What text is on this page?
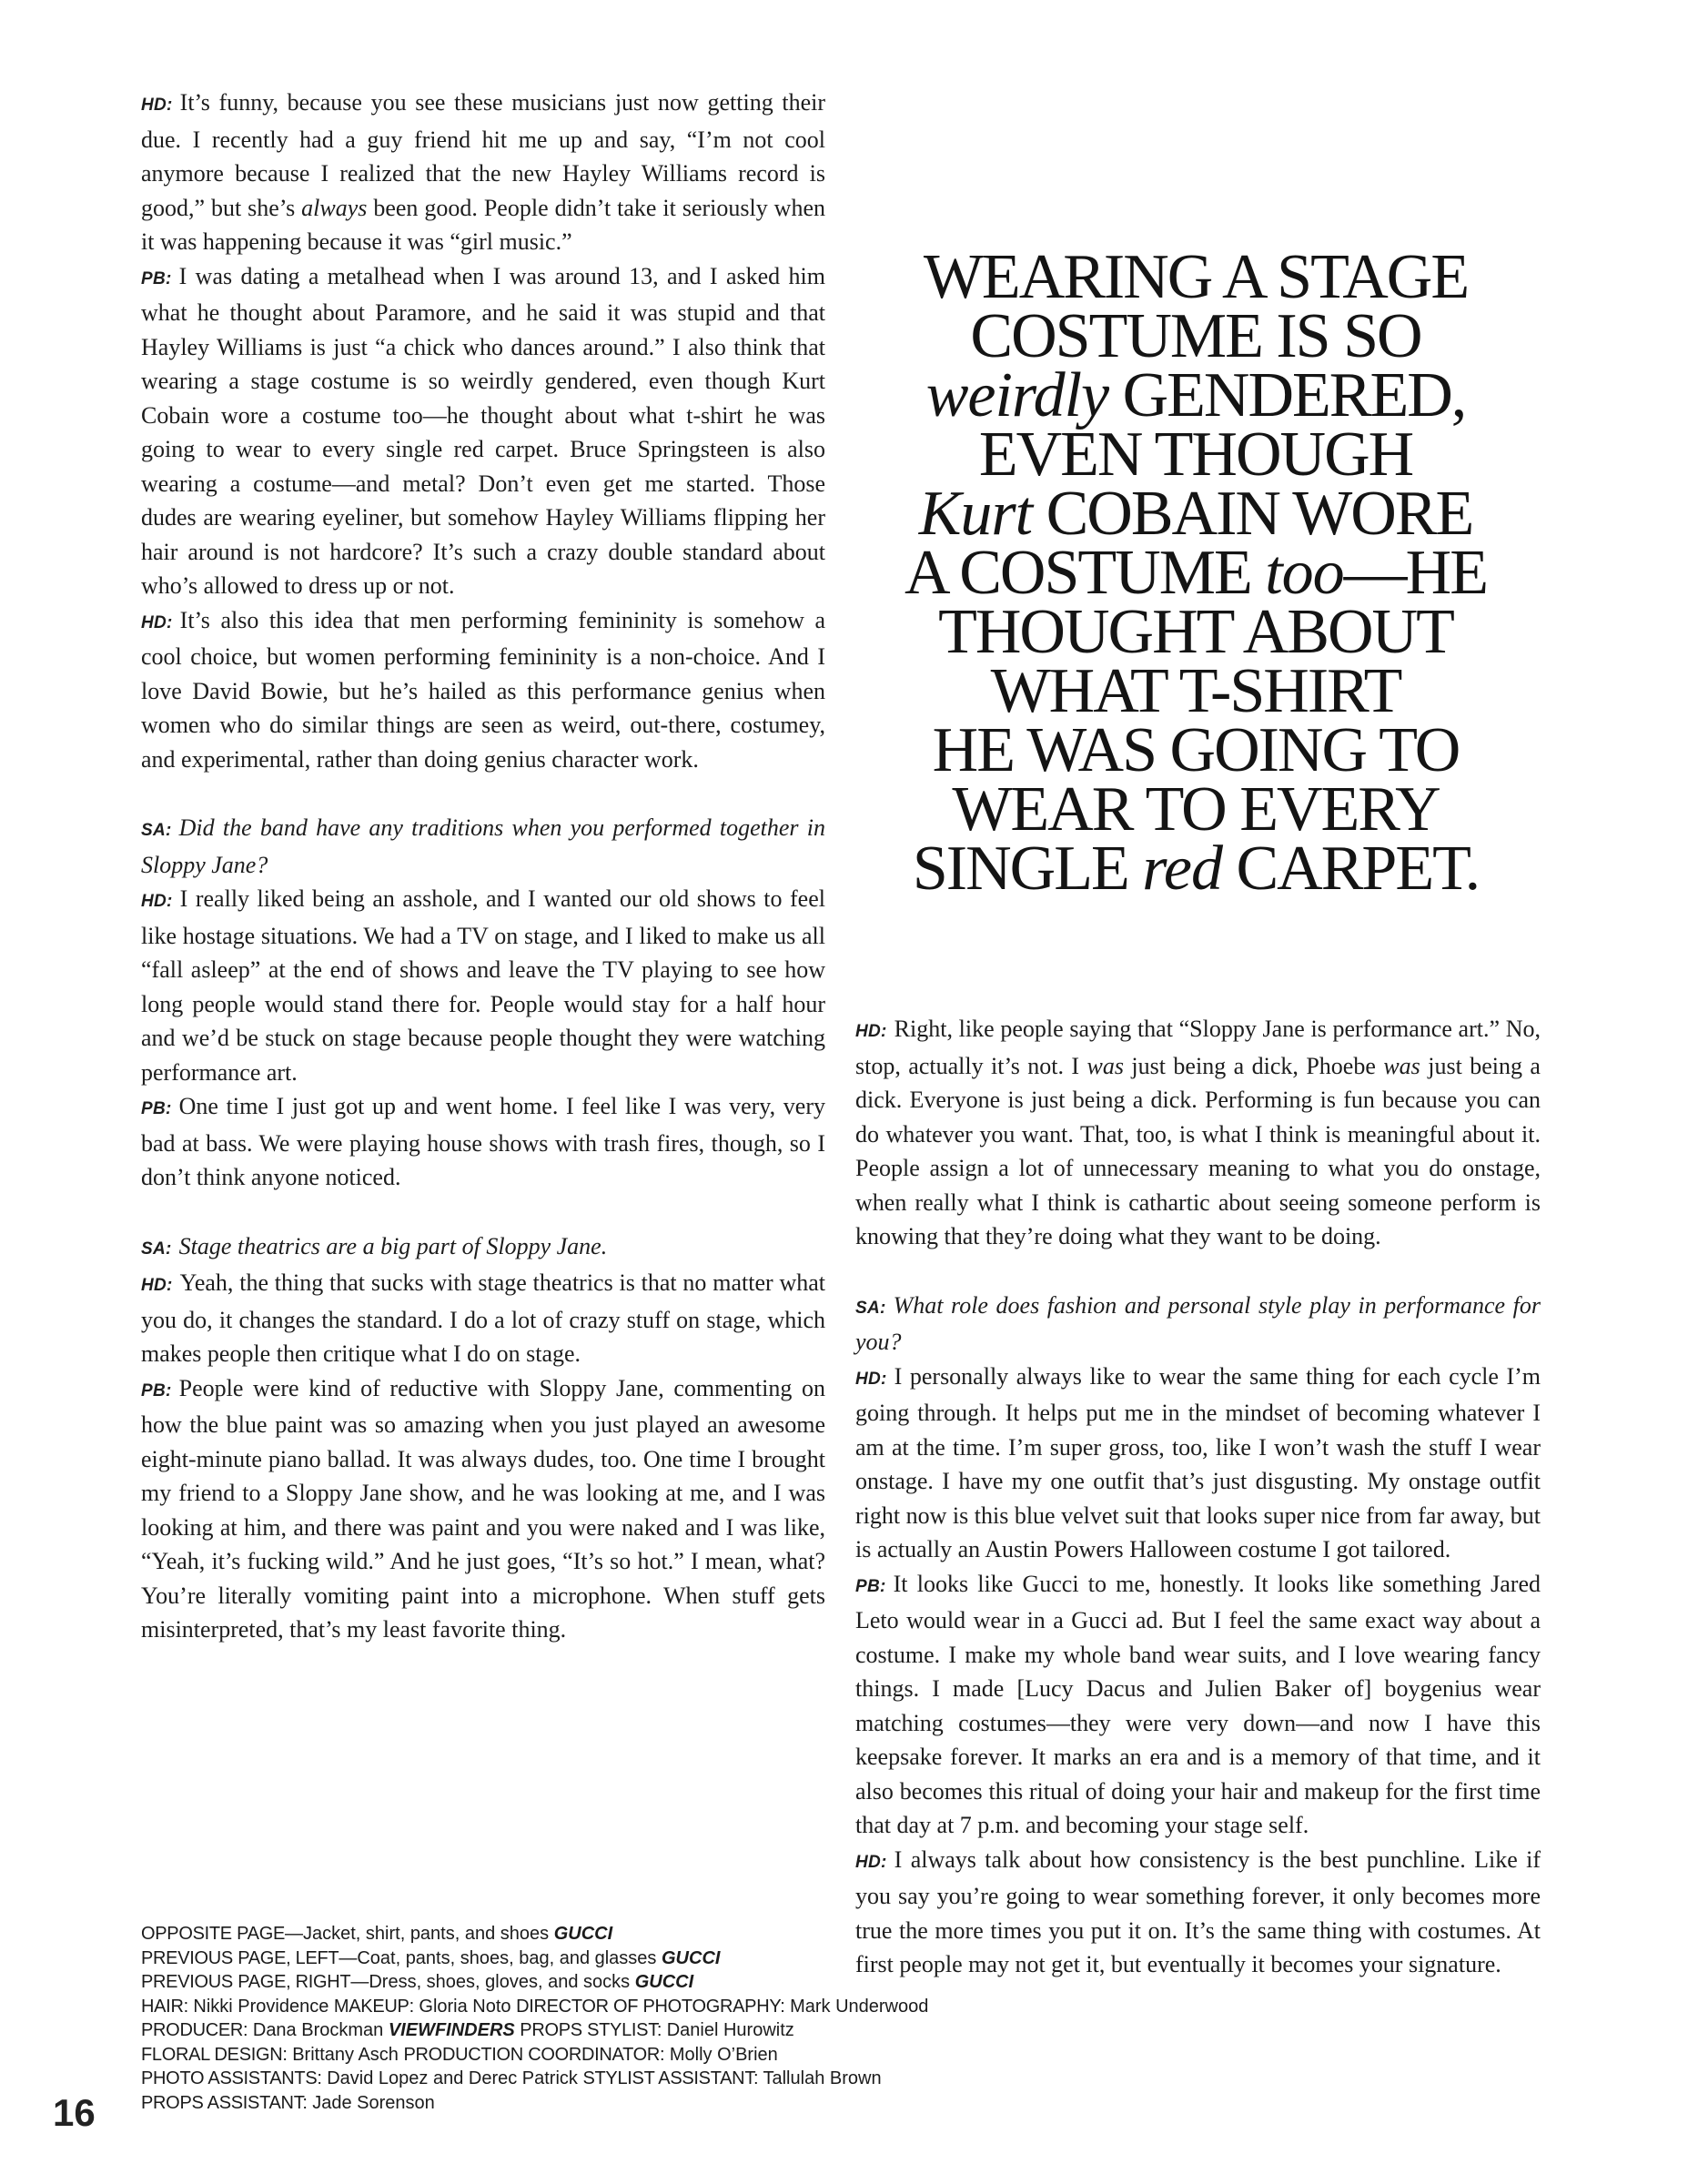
HD: It’s funny, because you see these musicians just now getting their due. I recently had a guy friend hit me up and say, “I’m not cool anymore because I realized that the new Hayley Williams record is good,” but she’s always been good. People didn’t take it seriously when it was happening because it was “girl music.”

PB: I was dating a metalhead when I was around 13, and I asked him what he thought about Paramore, and he said it was stupid and that Hayley Williams is just “a chick who dances around.” I also think that wearing a stage costume is so weirdly gendered, even though Kurt Cobain wore a costume too—he thought about what t-shirt he was going to wear to every single red carpet. Bruce Springsteen is also wearing a costume—and metal? Don’t even get me started. Those dudes are wearing eyeliner, but somehow Hayley Williams flipping her hair around is not hardcore? It’s such a crazy double standard about who’s allowed to dress up or not.

HD: It’s also this idea that men performing femininity is somehow a cool choice, but women performing femininity is a non-choice. And I love David Bowie, but he’s hailed as this performance genius when women who do similar things are seen as weird, out-there, costumey, and experimental, rather than doing genius character work.

SA: Did the band have any traditions when you performed together in Sloppy Jane?

HD: I really liked being an asshole, and I wanted our old shows to feel like hostage situations. We had a TV on stage, and I liked to make us all “fall asleep” at the end of shows and leave the TV playing to see how long people would stand there for. People would stay for a half hour and we’d be stuck on stage because people thought they were watching performance art.

PB: One time I just got up and went home. I feel like I was very, very bad at bass. We were playing house shows with trash fires, though, so I don’t think anyone noticed.

SA: Stage theatrics are a big part of Sloppy Jane.

HD: Yeah, the thing that sucks with stage theatrics is that no matter what you do, it changes the standard. I do a lot of crazy stuff on stage, which makes people then critique what I do on stage.

PB: People were kind of reductive with Sloppy Jane, commenting on how the blue paint was so amazing when you just played an awesome eight-minute piano ballad. It was always dudes, too. One time I brought my friend to a Sloppy Jane show, and he was looking at me, and I was looking at him, and there was paint and you were naked and I was like, “Yeah, it’s fucking wild.” And he just goes, “It’s so hot.” I mean, what? You’re literally vomiting paint into a microphone. When stuff gets misinterpreted, that’s my least favorite thing.

WEARING A STAGE
COSTUME IS SO
weirdly GENDERED,
EVEN THOUGH
Kurt COBAIN WORE
A COSTUME too—HE
THOUGHT ABOUT
WHAT T-SHIRT
HE WAS GOING TO
WEAR TO EVERY
SINGLE red CARPET.

HD: Right, like people saying that “Sloppy Jane is performance art.” No, stop, actually it’s not. I was just being a dick, Phoebe was just being a dick. Everyone is just being a dick. Performing is fun because you can do whatever you want. That, too, is what I think is meaningful about it. People assign a lot of unnecessary meaning to what you do onstage, when really what I think is cathartic about seeing someone perform is knowing that they’re doing what they want to be doing.

SA: What role does fashion and personal style play in performance for you?

HD: I personally always like to wear the same thing for each cycle I’m going through. It helps put me in the mindset of becoming whatever I am at the time. I’m super gross, too, like I won’t wash the stuff I wear onstage. I have my one outfit that’s just disgusting. My onstage outfit right now is this blue velvet suit that looks super nice from far away, but is actually an Austin Powers Halloween costume I got tailored.

PB: It looks like Gucci to me, honestly. It looks like something Jared Leto would wear in a Gucci ad. But I feel the same exact way about a costume. I make my whole band wear suits, and I love wearing fancy things. I made [Lucy Dacus and Julien Baker of] boygenius wear matching costumes—they were very down—and now I have this keepsake forever. It marks an era and is a memory of that time, and it also becomes this ritual of doing your hair and makeup for the first time that day at 7 p.m. and becoming your stage self.

HD: I always talk about how consistency is the best punchline. Like if you say you’re going to wear something forever, it only becomes more true the more times you put it on. It’s the same thing with costumes. At first people may not get it, but eventually it becomes your signature.

OPPOSITE PAGE—Jacket, shirt, pants, and shoes GUCCI
PREVIOUS PAGE, LEFT—Coat, pants, shoes, bag, and glasses GUCCI
PREVIOUS PAGE, RIGHT—Dress, shoes, gloves, and socks GUCCI
HAIR: Nikki Providence MAKEUP: Gloria Noto DIRECTOR OF PHOTOGRAPHY: Mark Underwood
PRODUCER: Dana Brockman VIEWFINDERS PROPS STYLIST: Daniel Hurowitz
FLORAL DESIGN: Brittany Asch PRODUCTION COORDINATOR: Molly O’Brien
PHOTO ASSISTANTS: David Lopez and Derec Patrick STYLIST ASSISTANT: Tallulah Brown
PROPS ASSISTANT: Jade Sorenson
16
